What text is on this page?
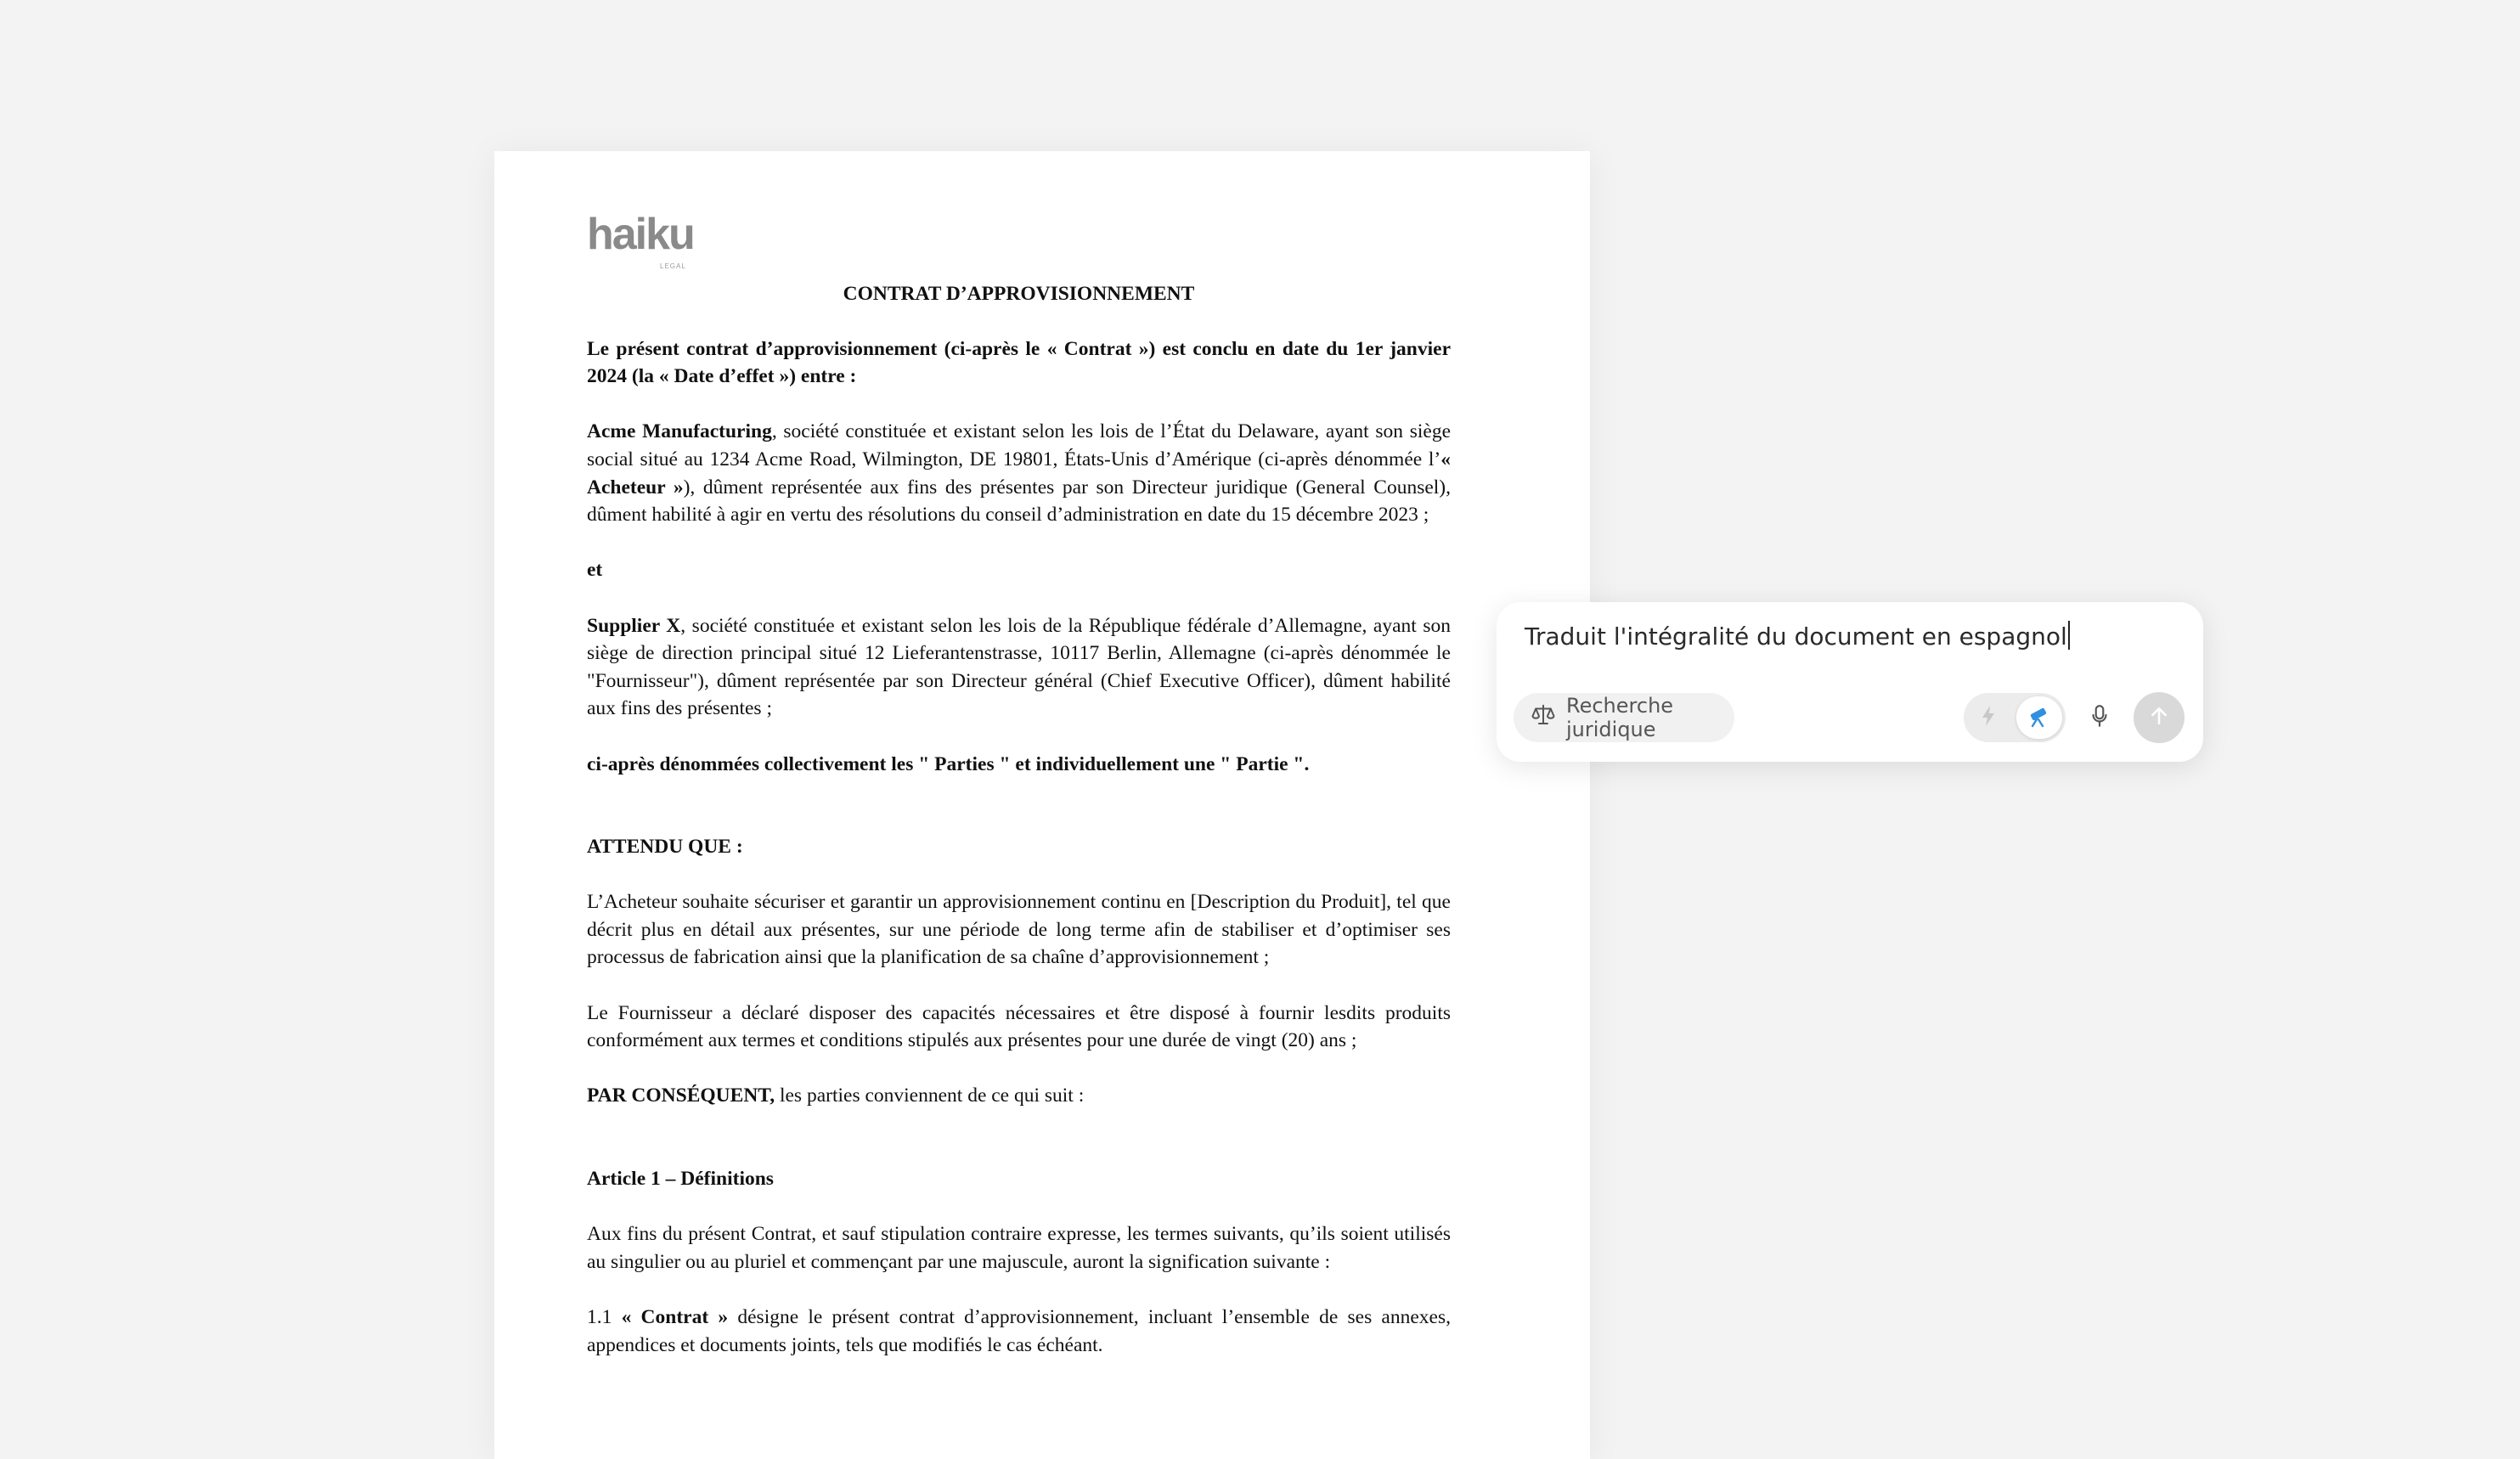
haiku
LEGAL

CONTRAT D’APPROVISIONNEMENT

Le présent contrat d’approvisionnement (ci-après le « Contrat ») est conclu en date du 1er janvier 2024 (la « Date d’effet ») entre :

Acme Manufacturing, société constituée et existant selon les lois de l’État du Delaware, ayant son siège social situé au 1234 Acme Road, Wilmington, DE 19801, États-Unis d’Amérique (ci-après dénommée l’« Acheteur »), dûment représentée aux fins des présentes par son Directeur juridique (General Counsel), dûment habilité à agir en vertu des résolutions du conseil d’administration en date du 15 décembre 2023 ;

et

Supplier X, société constituée et existant selon les lois de la République fédérale d’Allemagne, ayant son siège de direction principal situé 12 Lieferantenstrasse, 10117 Berlin, Allemagne (ci-après dénommée le "Fournisseur"), dûment représentée par son Directeur général (Chief Executive Officer), dûment habilité aux fins des présentes ;

ci-après dénommées collectivement les " Parties " et individuellement une " Partie ".

ATTENDU QUE :

L’Acheteur souhaite sécuriser et garantir un approvisionnement continu en [Description du Produit], tel que décrit plus en détail aux présentes, sur une période de long terme afin de stabiliser et d’optimiser ses processus de fabrication ainsi que la planification de sa chaîne d’approvisionnement ;

Le Fournisseur a déclaré disposer des capacités nécessaires et être disposé à fournir lesdits produits conformément aux termes et conditions stipulés aux présentes pour une durée de vingt (20) ans ;

PAR CONSÉQUENT, les parties conviennent de ce qui suit :

Article 1 – Définitions

Aux fins du présent Contrat, et sauf stipulation contraire expresse, les termes suivants, qu’ils soient utilisés au singulier ou au pluriel et commençant par une majuscule, auront la signification suivante :

1.1 « Contrat » désigne le présent contrat d’approvisionnement, incluant l’ensemble de ses annexes, appendices et documents joints, tels que modifiés le cas échéant.

Traduit l'intégralité du document en espagnol
Recherche juridique
